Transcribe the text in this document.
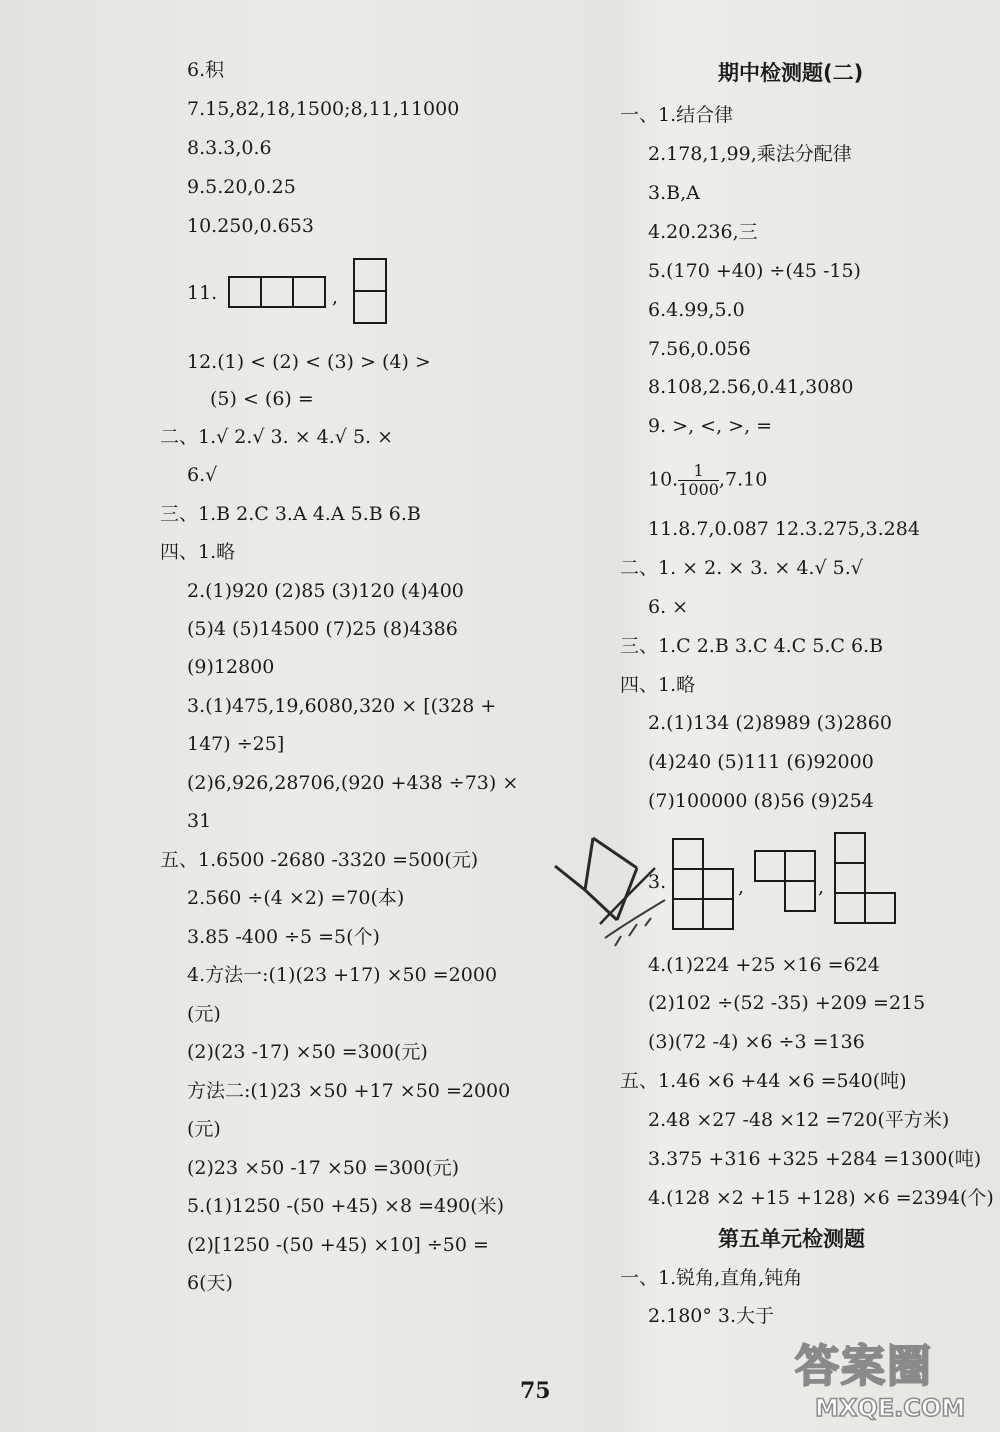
6.积
7.15,82,18,1500;8,11,11000
8.3.3,0.6
9.5.20,0.25
10.250,0.653
11.	,
12.(1) < (2) < (3) > (4) >
(5) < (6) =
二、1.√ 2.√ 3. × 4.√ 5. ×
6.√
三、1.B 2.C 3.A 4.A 5.B 6.B
四、1.略
2.(1)920 (2)85 (3)120 (4)400
(5)4 (5)14500 (7)25 (8)4386
(9)12800
3.(1)475,19,6080,320 × [(328 +
147) ÷25]
(2)6,926,28706,(920 +438 ÷73) ×
31
五、1.6500 -2680 -3320 =500(元)
2.560 ÷(4 ×2) =70(本)
3.85 -400 ÷5 =5(个)
4.方法一:(1)(23 +17) ×50 =2000
(元)
(2)(23 -17) ×50 =300(元)
方法二:(1)23 ×50 +17 ×50 =2000
(元)
(2)23 ×50 -17 ×50 =300(元)
5.(1)1250 -(50 +45) ×8 =490(米)
(2)[1250 -(50 +45) ×10] ÷50 =
6(天)
期中检测题(二)
一、1.结合律
2.178,1,99,乘法分配律
3.B,A
4.20.236,三
5.(170 +40) ÷(45 -15)
6.4.99,5.0
7.56,0.056
8.108,2.56,0.41,3080
9. >, <, >, =
10. $\frac{1}{1000} ,7.10$
11.8.7,0.087 12.3.275,3.284
二、1. × 2. × 3. × 4.√ 5.√
6. ×
三、1.C 2.B 3.C 4.C 5.C 6.B
四、1.略
2.(1)134 (2)8989 (3)2860
(4)240 (5)111 (6)92000
(7)100000 (8)56 (9)254
3.	,	,
4.(1)224 +25 ×16 =624
(2)102 ÷(52 -35) +209 =215
(3)(72 -4) ×6 ÷3 =136
五、1.46 ×6 +44 ×6 =540(吨)
2.48 ×27 -48 ×12 =720(平方米)
3.375 +316 +325 +284 =1300(吨)
4.(128 ×2 +15 +128) ×6 =2394(个)
第五单元检测题
一、1.锐角,直角,钝角
2.180° 3.大于
75	答案圈
MXQE.COM
